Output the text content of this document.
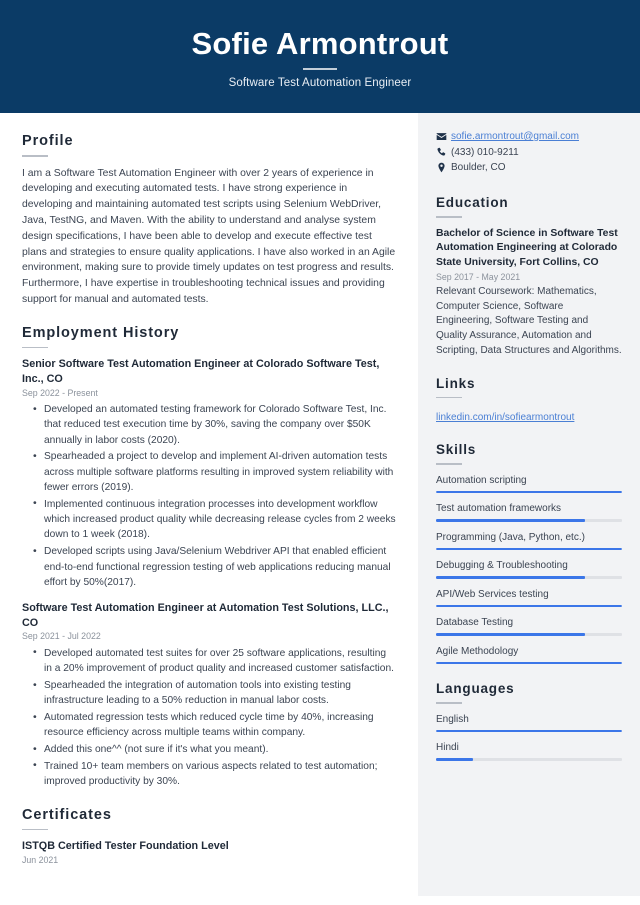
Sofie Armontrout
Software Test Automation Engineer
Profile

I am a Software Test Automation Engineer with over 2 years of experience in developing and executing automated tests. I have strong experience in developing and maintaining automated test scripts using Selenium WebDriver, Java, TestNG, and Maven. With the ability to understand and analyse system design specifications, I have been able to develop and execute effective test plans and strategies to ensure quality applications. I have also worked in an Agile environment, making sure to provide timely updates on test progress and results. Furthermore, I have expertise in troubleshooting technical issues and providing support for manual and automated tests.

Employment History
Senior Software Test Automation Engineer at Colorado Software Test, Inc., CO
Sep 2022 - Present
• Developed an automated testing framework for Colorado Software Test, Inc. that reduced test execution time by 30%, saving the company over $50K annually in labor costs (2020).
• Spearheaded a project to develop and implement AI-driven automation tests across multiple software platforms resulting in improved system reliability with fewer errors (2019).
• Implemented continuous integration processes into development workflow which increased product quality while decreasing release cycles from 2 weeks down to 1 week (2018).
• Developed scripts using Java/Selenium Webdriver API that enabled efficient end-to-end functional regression testing of web applications reducing manual effort by 50%(2017).
Software Test Automation Engineer at Automation Test Solutions, LLC., CO
Sep 2021 - Jul 2022
• Developed automated test suites for over 25 software applications, resulting in a 20% improvement of product quality and increased customer satisfaction.
• Spearheaded the integration of automation tools into existing testing infrastructure leading to a 50% reduction in manual labor costs.
• Automated regression tests which reduced cycle time by 40%, increasing resource efficiency across multiple teams within company.
• Added this one^^ (not sure if it's what you meant).
• Trained 10+ team members on various aspects related to test automation; improved productivity by 30%.
Certificates
ISTQB Certified Tester Foundation Level
Jun 2021
sofie.armontrout@gmail.com
(433) 010-9211
Boulder, CO
Education
Bachelor of Science in Software Test Automation Engineering at Colorado State University, Fort Collins, CO
Sep 2017 - May 2021

Relevant Coursework: Mathematics, Computer Science, Software Engineering, Software Testing and Quality Assurance, Automation and Scripting, Data Structures and Algorithms.

Links
linkedin.com/in/sofiearmontrout
Skills
Automation scripting
Test automation frameworks
Programming (Java, Python, etc.)
Debugging & Troubleshooting
API/Web Services testing
Database Testing
Agile Methodology
Languages
English
Hindi
